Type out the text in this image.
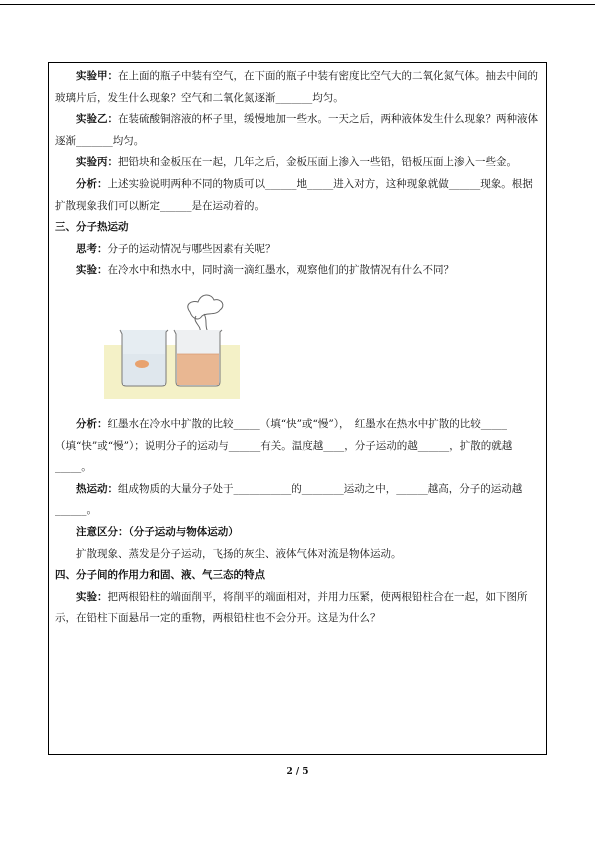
实验甲：在上面的瓶子中装有空气，在下面的瓶子中装有密度比空气大的二氧化氮气体。抽去中间的玻璃片后，发生什么现象？空气和二氧化氮逐渐_______均匀。

实验乙：在装硫酸铜溶液的杯子里，缓慢地加一些水。一天之后，两种液体发生什么现象？两种液体逐渐_______均匀。

实验丙：把铅块和金板压在一起，几年之后，金板压面上渗入一些铅，铅板压面上渗入一些金。

分析：上述实验说明两种不同的物质可以______地_____进入对方，这种现象就做______现象。根据扩散现象我们可以断定______是在运动着的。

三、分子热运动

思考：分子的运动情况与哪些因素有关呢？

实验：在冷水中和热水中，同时滴一滴红墨水，观察他们的扩散情况有什么不同？

分析：红墨水在冷水中扩散的比较_____（填“快”或“慢”），　红墨水在热水中扩散的比较_____（填“快”或“慢”）；说明分子的运动与______有关。温度越____，分子运动的越______，扩散的就越_____。

热运动：组成物质的大量分子处于___________的________运动之中，______越高，分子的运动越______。

注意区分：（分子运动与物体运动）

扩散现象、蒸发是分子运动，飞扬的灰尘、液体气体对流是物体运动。

四、分子间的作用力和固、液、气三态的特点

实验：把两根铅柱的端面削平，将削平的端面相对，并用力压紧，使两根铅柱合在一起，如下图所示，在铅柱下面悬吊一定的重物，两根铅柱也不会分开。这是为什么？

2 / 5
